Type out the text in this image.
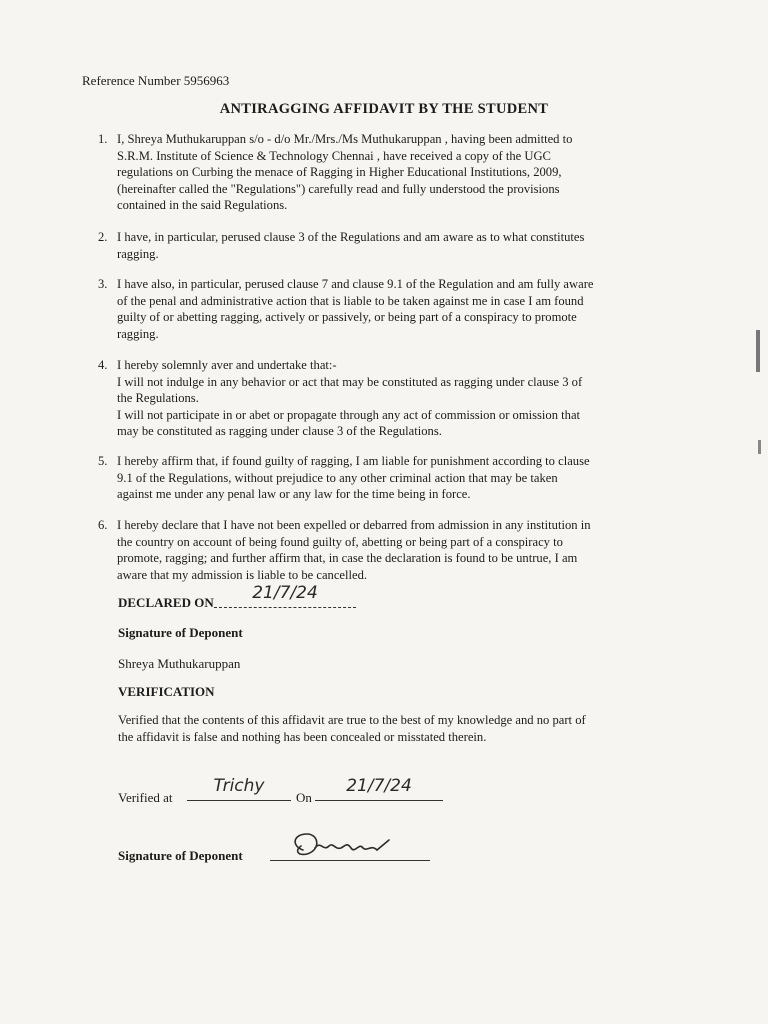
Reference Number 5956963
ANTIRAGGING AFFIDAVIT BY THE STUDENT
1. I, Shreya Muthukaruppan s/o - d/o Mr./Mrs./Ms Muthukaruppan , having been admitted to

S.R.M. Institute of Science & Technology Chennai , have received a copy of the UGC

regulations on Curbing the menace of Ragging in Higher Educational Institutions, 2009,

(hereinafter called the "Regulations") carefully read and fully understood the provisions

contained in the said Regulations.

2. I have, in particular, perused clause 3 of the Regulations and am aware as to what constitutes

ragging.

3. I have also, in particular, perused clause 7 and clause 9.1 of the Regulation and am fully aware

of the penal and administrative action that is liable to be taken against me in case I am found

guilty of or abetting ragging, actively or passively, or being part of a conspiracy to promote

ragging.

4. I hereby solemnly aver and undertake that:-

I will not indulge in any behavior or act that may be constituted as ragging under clause 3 of

the Regulations.

I will not participate in or abet or propagate through any act of commission or omission that

may be constituted as ragging under clause 3 of the Regulations.

5. I hereby affirm that, if found guilty of ragging, I am liable for punishment according to clause

9.1 of the Regulations, without prejudice to any other criminal action that may be taken

against me under any penal law or any law for the time being in force.

6. I hereby declare that I have not been expelled or debarred from admission in any institution in

the country on account of being found guilty of, abetting or being part of a conspiracy to

promote, ragging; and further affirm that, in case the declaration is found to be untrue, I am

aware that my admission is liable to be cancelled.

DECLARED ON	21/7/24
Signature of Deponent
Shreya Muthukaruppan
VERIFICATION

Verified that the contents of this affidavit are true to the best of my knowledge and no part of

the affidavit is false and nothing has been concealed or misstated therein.

Verified at
Trichy
On
21/7/24
Signature of Deponent
